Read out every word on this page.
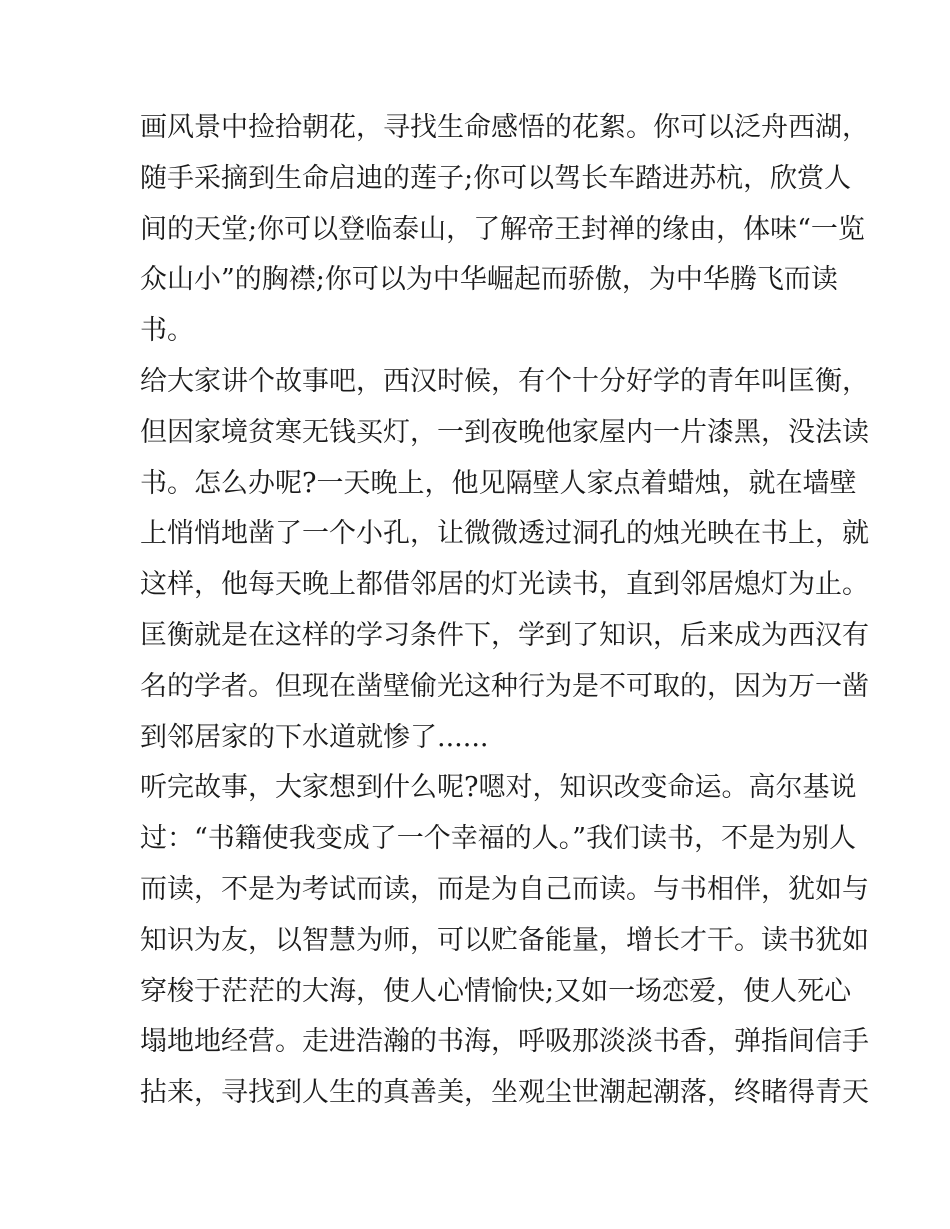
画风景中捡拾朝花，寻找生命感悟的花絮。你可以泛舟西湖，
随手采摘到生命启迪的莲子;你可以驾长车踏进苏杭，欣赏人
间的天堂;你可以登临泰山，了解帝王封禅的缘由，体味“一览
众山小”的胸襟;你可以为中华崛起而骄傲，为中华腾飞而读
书。

给大家讲个故事吧，西汉时候，有个十分好学的青年叫匡衡，
但因家境贫寒无钱买灯，一到夜晚他家屋内一片漆黑，没法读
书。怎么办呢?一天晚上，他见隔壁人家点着蜡烛，就在墙壁
上悄悄地凿了一个小孔，让微微透过洞孔的烛光映在书上，就
这样，他每天晚上都借邻居的灯光读书，直到邻居熄灯为止。
匡衡就是在这样的学习条件下，学到了知识，后来成为西汉有
名的学者。但现在凿壁偷光这种行为是不可取的，因为万一凿
到邻居家的下水道就惨了......

听完故事，大家想到什么呢?嗯对，知识改变命运。高尔基说
过：“书籍使我变成了一个幸福的人。”我们读书，不是为别人
而读，不是为考试而读，而是为自己而读。与书相伴，犹如与
知识为友，以智慧为师，可以贮备能量，增长才干。读书犹如
穿梭于茫茫的大海，使人心情愉快;又如一场恋爱，使人死心
塌地地经营。走进浩瀚的书海，呼吸那淡淡书香，弹指间信手
拈来，寻找到人生的真善美，坐观尘世潮起潮落，终睹得青天
